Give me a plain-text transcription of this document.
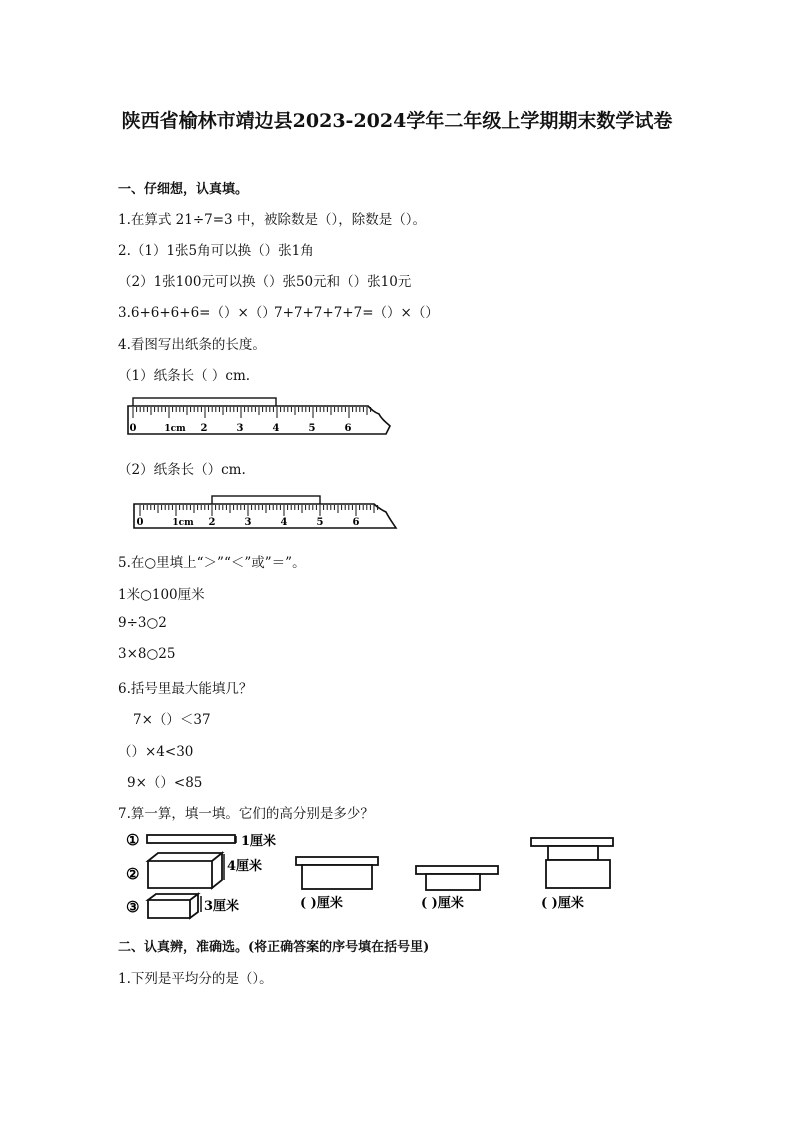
陕西省榆林市靖边县2023-2024学年二年级上学期期末数学试卷
一、仔细想，认真填。
1.在算式 21÷7=3 中，被除数是（），除数是（）。
2.（1）1张5角可以换（）张1角
（2）1张100元可以换（）张50元和（）张10元
3.6+6+6+6=（）×（）
7+7+7+7+7=（）×（）
4.看图写出纸条的长度。
（1）纸条长（ ）cm.
0	1cm 2	3	4	5	6
（2）纸条长（）cm.
0	1cm 2	3	4	5	6
5.在○里填上“＞”“＜”或”＝”。
1米○100厘米
9÷3○2
3×8○25
6.括号里最大能填几？
7×（）＜37
（）×4<30
9×（）<85
7.算一算，填一填。它们的高分别是多少？
①	1厘米
②	4厘米
③	3厘米	( )厘米	( )厘米	( )厘米
二、认真辨，准确选。(将正确答案的序号填在括号里)
1.下列是平均分的是（）。
